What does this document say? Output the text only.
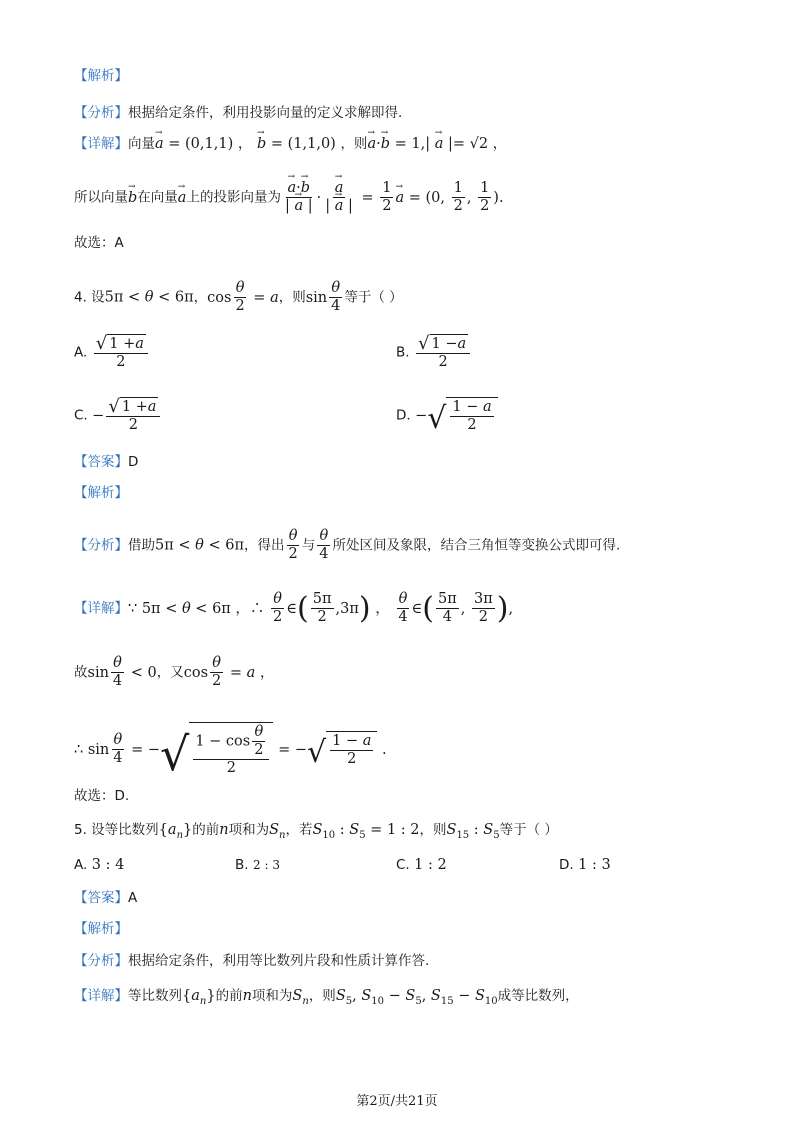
【解析】
【分析】根据给定条件，利用投影向量的定义求解即得.
【详解】向量→ a = (0,1,1) ， → b = (1,1,0) ，则→ a·→ b = 1,| → a |= √2 ，
所以向量→ b在向量→ a上的投影向量为
→ $\frac{a\cdot\to b}{| \to a |}$ ·
→ $\frac{a}{| \to a |} = \frac{1}{2}$
→ a = (0, $\frac{1}{2}$ , $\frac{1}{2}$ ).
故选：A
4. 设5π < θ < 6π，$\cos \frac{\theta}{2} = a$，则$\sin \frac{\theta}{4}$ 等于（ ）
A. $\frac{√ 1 + a}{2}$	B. $\frac{√ 1 - a}{2}$
C. − $\frac{√ 1 + a}{2}$	D. − √ $\frac{1 - a}{2}$
【答案】D
【解析】
【分析】借助5π < θ < 6π，得出 $\frac{\theta}{2}$ 与 $\frac{\theta}{4}$ 所处区间及象限，结合三角恒等变换公式即可得.
【详解】∵ 5π < θ < 6π ，∴ $\frac{\theta}{2}$ ∈( $\frac{5\pi}{2} ,3\pi$) ， $\frac{\theta}{4}$ ∈( $\frac{5\pi}{4}$ , $\frac{3\pi}{2}$ ),
故$\sin \frac{\theta}{4} < 0$，又$\cos \frac{\theta}{2} = a$ ，
∴ $\sin \frac{\theta}{4}$ = − √ $\frac{1 - \cos \frac{\theta}{2}}{2}$ = − √ $\frac{1 - a}{2}$ .
故选：D.
5. 设等比数列$\{a_n\}$的前n项和为$S_n$，若$S_{10}$ : $S_5 = 1$ : 2，则$S_{15}$ : $S_5$等于（ ）
A. 3 : 4	B. 2 : 3	C. 1 : 2	D. 1 : 3
【答案】A
【解析】
【分析】根据给定条件，利用等比数列片段和性质计算作答.
【详解】等比数列$\{a_n\}$的前n项和为$S_n$，则$S_5$, $S_{10} - S_5$, $S_{15} - S_{10}$成等比数列，
第2页/共21页
